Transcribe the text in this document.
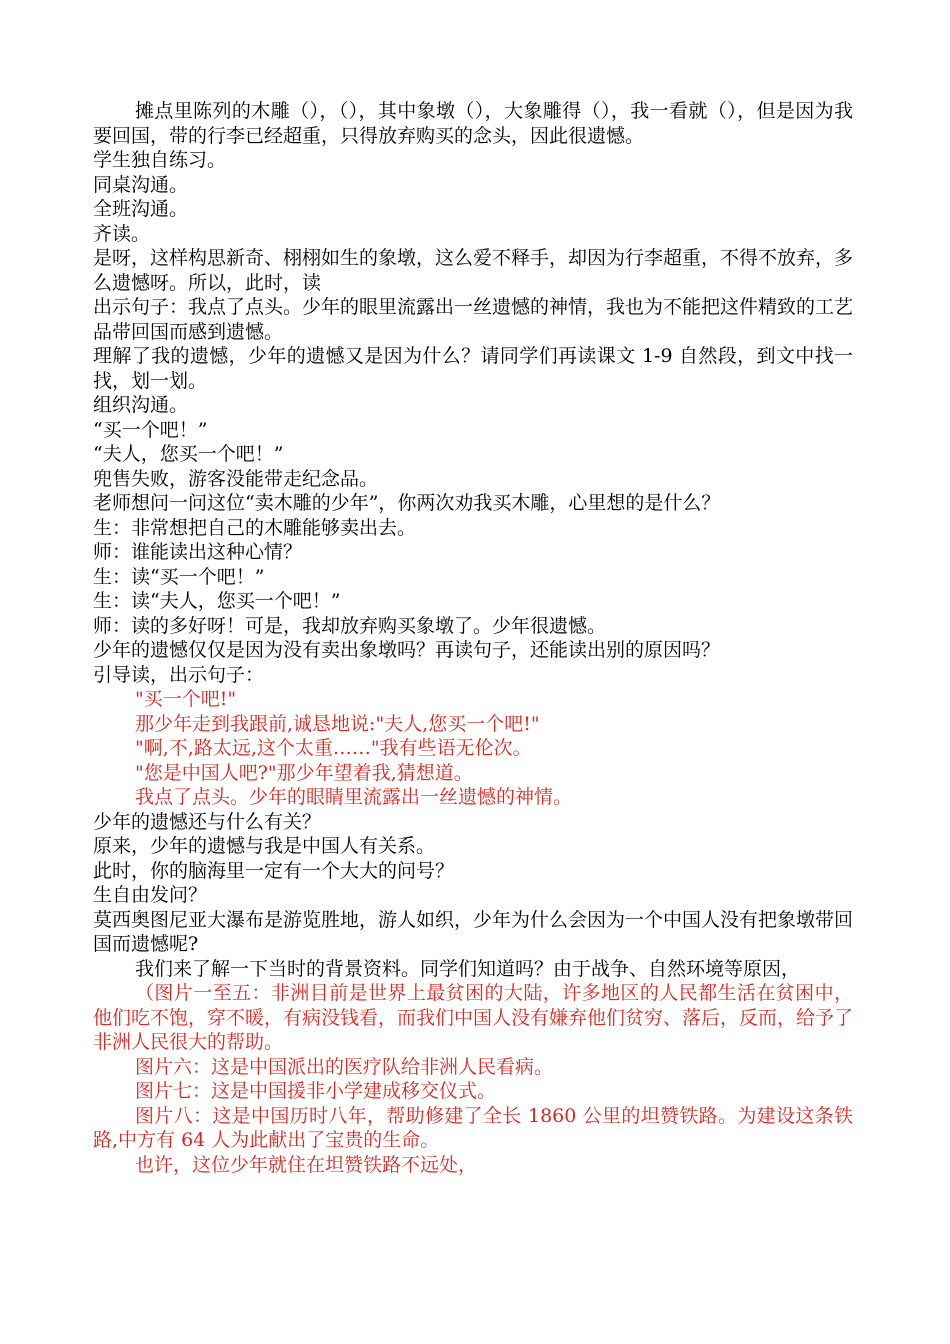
摊点里陈列的木雕（），（），其中象墩（），大象雕得（），我一看就（），但是因为我要回国，带的行李已经超重，只得放弃购买的念头，因此很遗憾。

学生独自练习。

同桌沟通。

全班沟通。

齐读。

是呀，这样构思新奇、栩栩如生的象墩，这么爱不释手，却因为行李超重，不得不放弃，多么遗憾呀。所以，此时，读

出示句子：我点了点头。少年的眼里流露出一丝遗憾的神情，我也为不能把这件精致的工艺品带回国而感到遗憾。

理解了我的遗憾，少年的遗憾又是因为什么？请同学们再读课文 1-9 自然段，到文中找一找，划一划。

组织沟通。

“买一个吧！”

“夫人，您买一个吧！”

兜售失败，游客没能带走纪念品。

老师想问一问这位“卖木雕的少年”，你两次劝我买木雕，心里想的是什么？

生：非常想把自己的木雕能够卖出去。

师：谁能读出这种心情？

生：读“买一个吧！”

生：读“夫人，您买一个吧！”

师：读的多好呀！可是，我却放弃购买象墩了。少年很遗憾。

少年的遗憾仅仅是因为没有卖出象墩吗？再读句子，还能读出别的原因吗？

引导读，出示句子：

"买一个吧!"

那少年走到我跟前,诚恳地说:"夫人,您买一个吧!"

"啊,不,路太远,这个太重……"我有些语无伦次。

"您是中国人吧?"那少年望着我,猜想道。

我点了点头。少年的眼睛里流露出一丝遗憾的神情。

少年的遗憾还与什么有关？

原来，少年的遗憾与我是中国人有关系。

此时，你的脑海里一定有一个大大的问号？

生自由发问？

莫西奥图尼亚大瀑布是游览胜地，游人如织，少年为什么会因为一个中国人没有把象墩带回国而遗憾呢?

我们来了解一下当时的背景资料。同学们知道吗？由于战争、自然环境等原因，

（图片一至五：非洲目前是世界上最贫困的大陆，许多地区的人民都生活在贫困中，他们吃不饱，穿不暖，有病没钱看，而我们中国人没有嫌弃他们贫穷、落后，反而，给予了非洲人民很大的帮助。

图片六：这是中国派出的医疗队给非洲人民看病。

图片七：这是中国援非小学建成移交仪式。

图片八：这是中国历时八年，帮助修建了全长 1860 公里的坦赞铁路。为建设这条铁路,中方有 64 人为此献出了宝贵的生命。

也许，这位少年就住在坦赞铁路不远处，
